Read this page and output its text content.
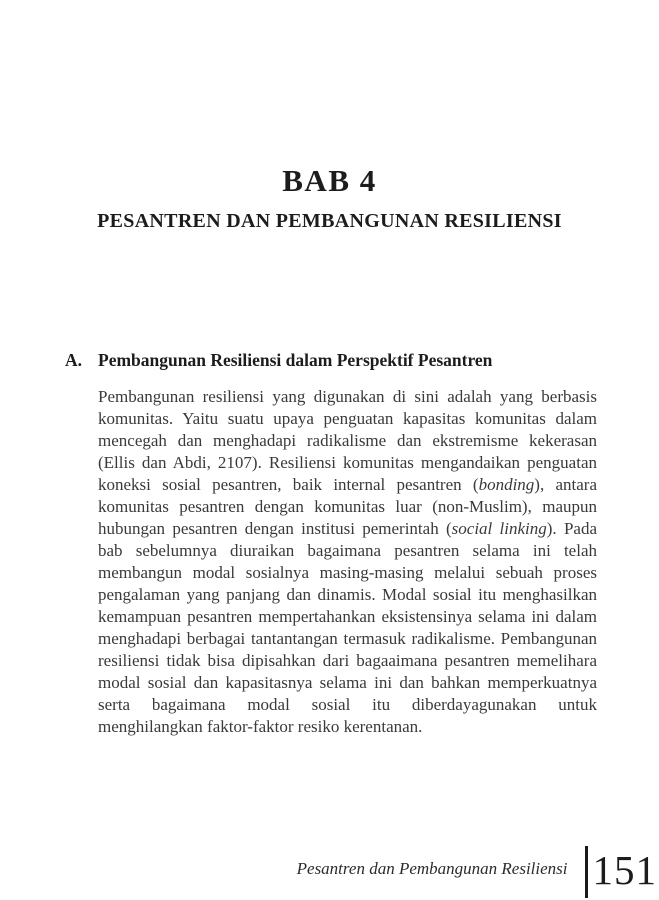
BAB 4
PESANTREN DAN PEMBANGUNAN RESILIENSI
A. Pembangunan Resiliensi dalam Perspektif Pesantren

Pembangunan resiliensi yang digunakan di sini adalah yang berbasis komunitas. Yaitu suatu upaya penguatan kapasitas komunitas dalam mencegah dan menghadapi radikalisme dan ekstremisme kekerasan (Ellis dan Abdi, 2107). Resiliensi komunitas mengandaikan penguatan koneksi sosial pesantren, baik internal pesantren (bonding), antara komunitas pesantren dengan komunitas luar (non-Muslim), maupun hubungan pesantren dengan institusi pemerintah (social linking). Pada bab sebelumnya diuraikan bagaimana pesantren selama ini telah membangun modal sosialnya masing-masing melalui sebuah proses pengalaman yang panjang dan dinamis. Modal sosial itu menghasilkan kemampuan pesantren mempertahankan eksistensinya selama ini dalam menghadapi berbagai tantantangan termasuk radikalisme. Pembangunan resiliensi tidak bisa dipisahkan dari bagaaimana pesantren memelihara modal sosial dan kapasitasnya selama ini dan bahkan memperkuatnya serta bagaimana modal sosial itu diberdayagunakan untuk menghilangkan faktor-faktor resiko kerentanan.

Pesantren dan Pembangunan Resiliensi 151
